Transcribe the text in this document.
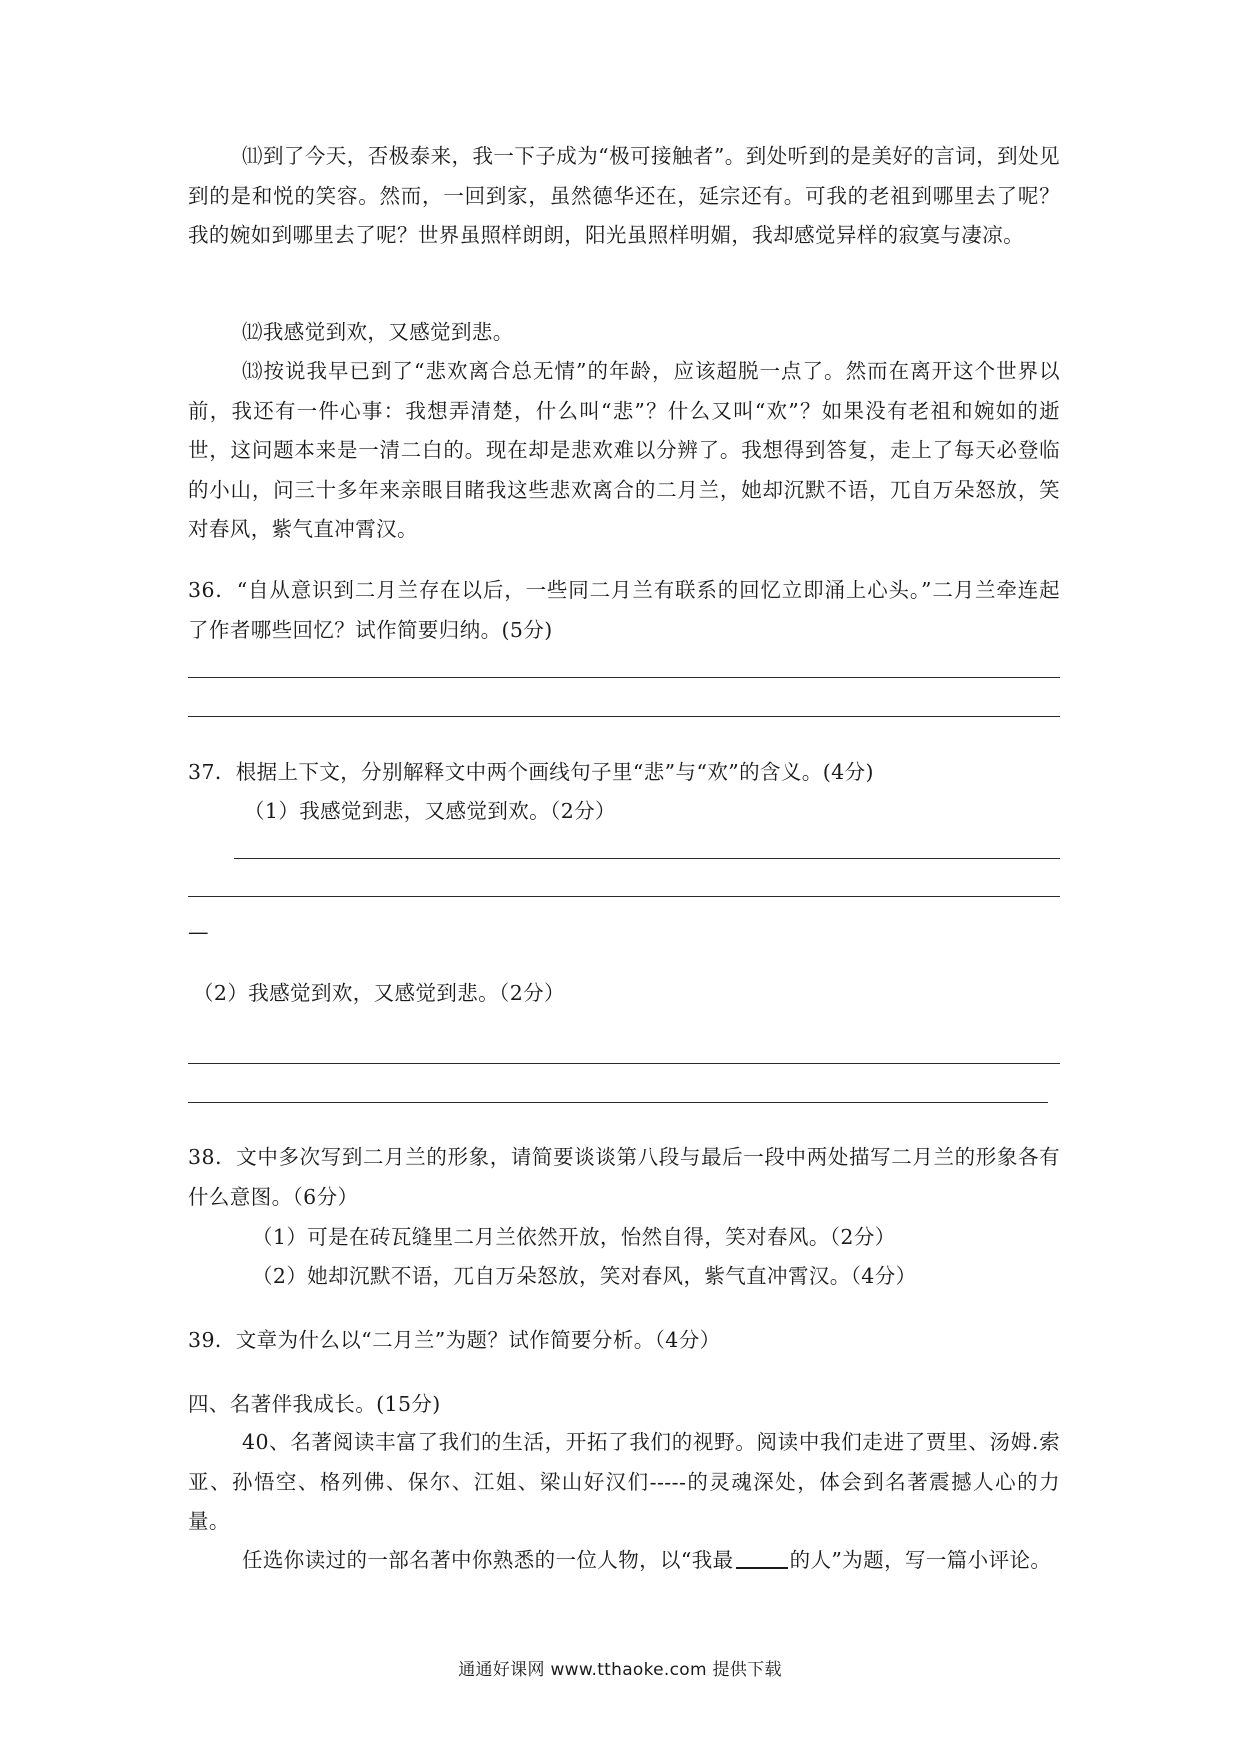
⑾到了今天，否极泰来，我一下子成为“极可接触者”。到处听到的是美好的言词，到处见到的是和悦的笑容。然而，一回到家，虽然德华还在，延宗还有。可我的老祖到哪里去了呢？我的婉如到哪里去了呢？世界虽照样朗朗，阳光虽照样明媚，我却感觉异样的寂寞与凄凉。

⑿我感觉到欢，又感觉到悲。

⒀按说我早已到了“悲欢离合总无情”的年龄，应该超脱一点了。然而在离开这个世界以前，我还有一件心事：我想弄清楚，什么叫“悲”？什么又叫“欢”？如果没有老祖和婉如的逝世，这问题本来是一清二白的。现在却是悲欢难以分辨了。我想得到答复，走上了每天必登临的小山，问三十多年来亲眼目睹我这些悲欢离合的二月兰，她却沉默不语，兀自万朵怒放，笑对春风，紫气直冲霄汉。

36．“自从意识到二月兰存在以后，一些同二月兰有联系的回忆立即涌上心头。”二月兰牵连起了作者哪些回忆？试作简要归纳。(5分)

37．根据上下文，分别解释文中两个画线句子里“悲”与“欢”的含义。(4分)

（1）我感觉到悲，又感觉到欢。（2分）

—

（2）我感觉到欢，又感觉到悲。（2分）

38．文中多次写到二月兰的形象，请简要谈谈第八段与最后一段中两处描写二月兰的形象各有什么意图。（6分）

（1）可是在砖瓦缝里二月兰依然开放，怡然自得，笑对春风。（2分）

（2）她却沉默不语，兀自万朵怒放，笑对春风，紫气直冲霄汉。（4分）

39．文章为什么以“二月兰”为题？试作简要分析。（4分）

四、名著伴我成长。(15分)

40、名著阅读丰富了我们的生活，开拓了我们的视野。阅读中我们走进了贾里、汤姆.索亚、孙悟空、格列佛、保尔、江姐、梁山好汉们-----的灵魂深处，体会到名著震撼人心的力量。

任选你读过的一部名著中你熟悉的一位人物，以“我最	的人”为题，写一篇小评论。

通通好课网 www.tthaoke.com 提供下载
